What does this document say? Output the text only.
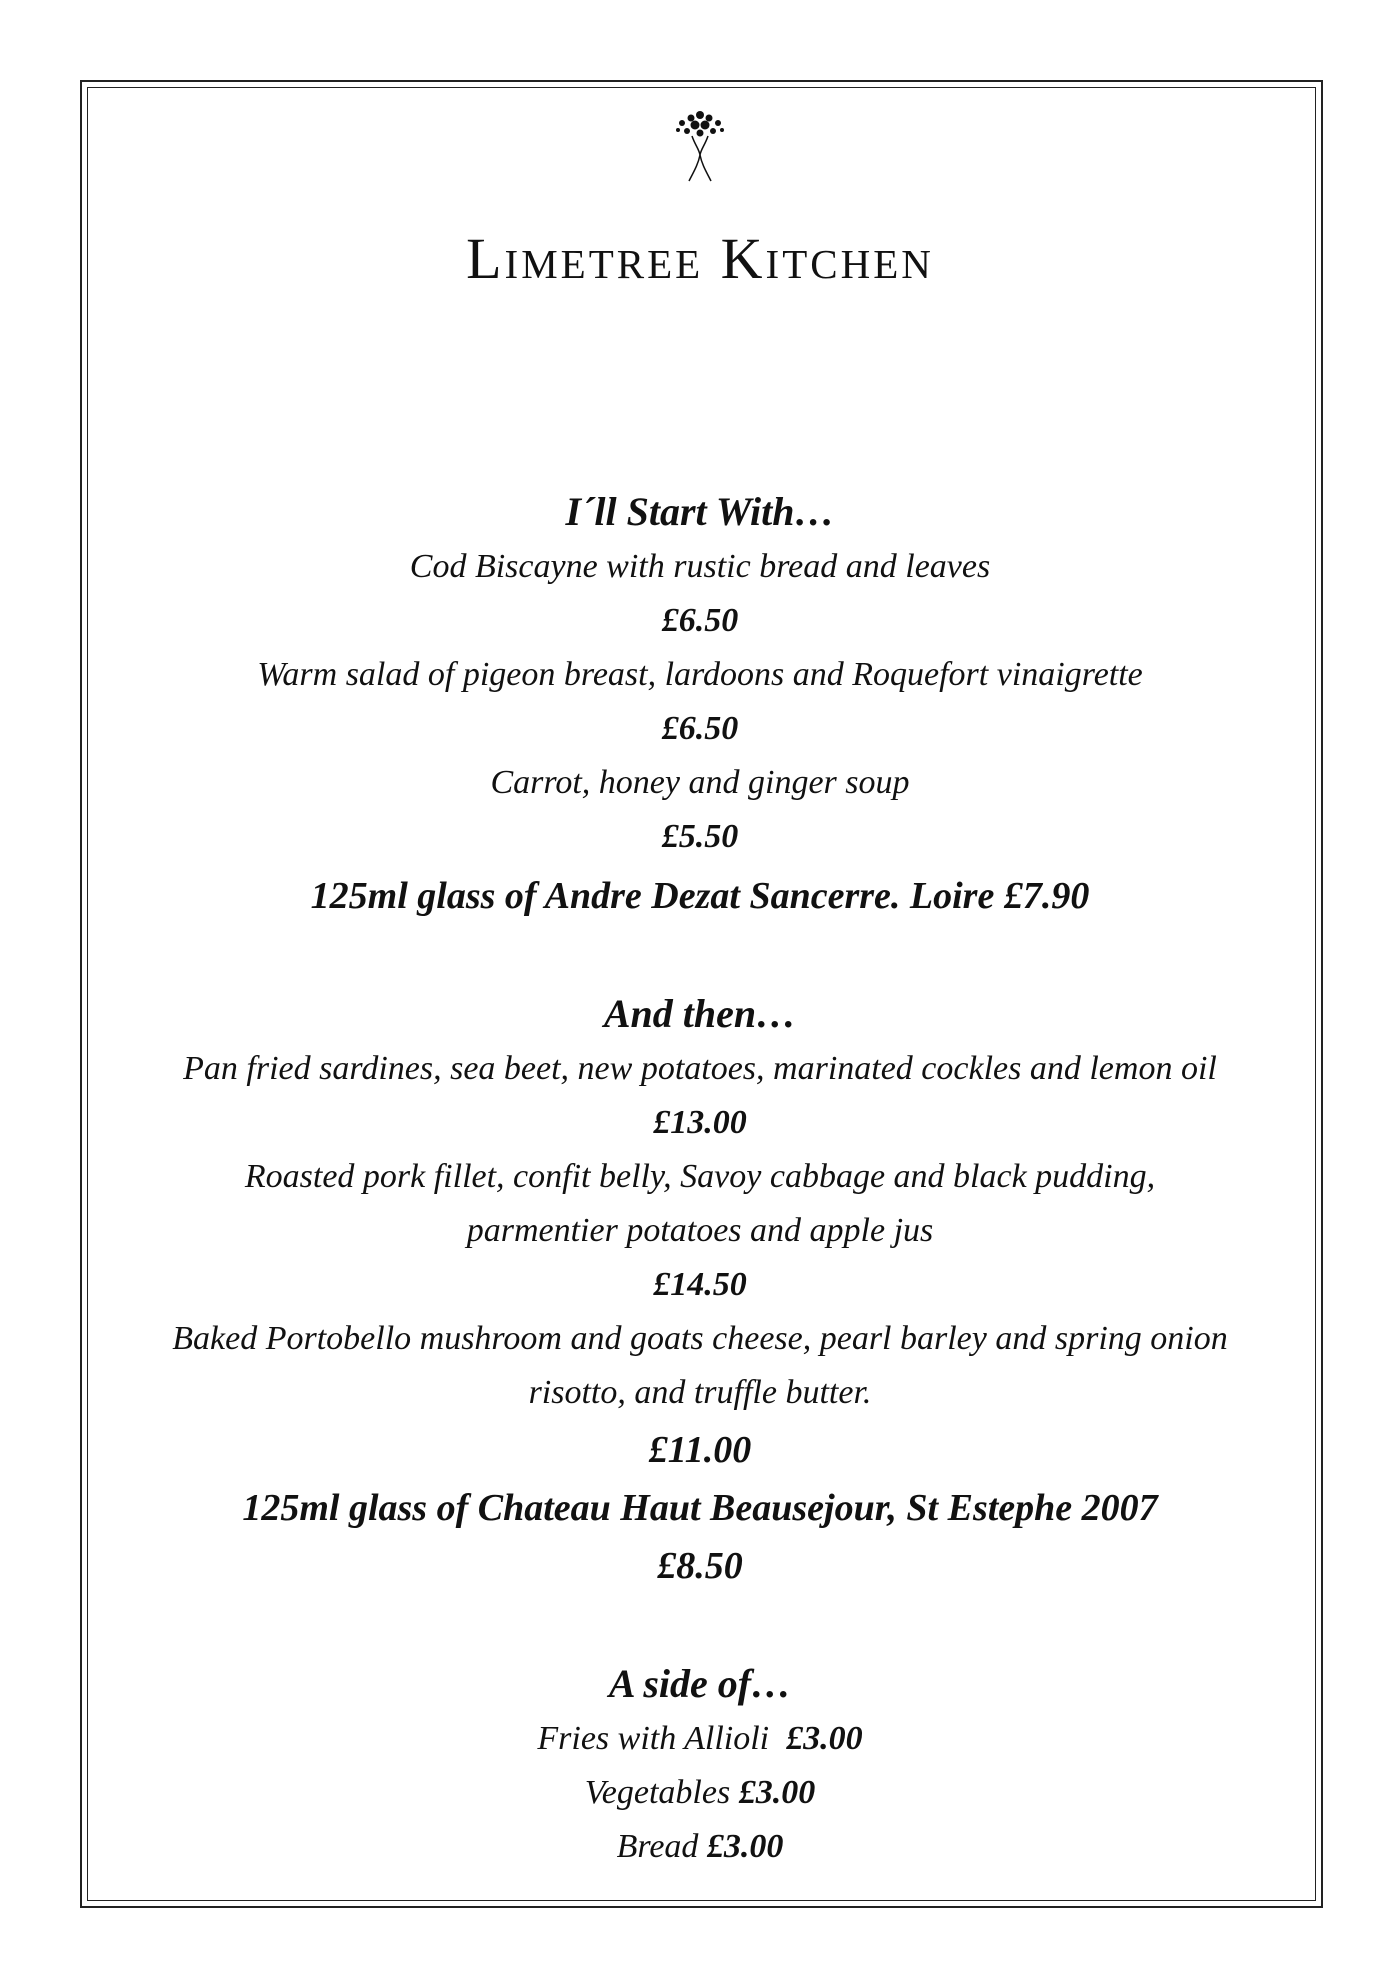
Limetree Kitchen
I´ll Start With…
Cod Biscayne with rustic bread and leaves
£6.50
Warm salad of pigeon breast, lardoons and Roquefort vinaigrette
£6.50
Carrot, honey and ginger soup
£5.50
125ml glass of Andre Dezat Sancerre. Loire £7.90
And then…
Pan fried sardines, sea beet, new potatoes, marinated cockles and lemon oil
£13.00
Roasted pork fillet, confit belly, Savoy cabbage and black pudding,
parmentier potatoes and apple jus
£14.50
Baked Portobello mushroom and goats cheese, pearl barley and spring onion
risotto, and truffle butter.
£11.00
125ml glass of Chateau Haut Beausejour, St Estephe 2007
£8.50
A side of…
Fries with Allioli £3.00
Vegetables £3.00
Bread £3.00
